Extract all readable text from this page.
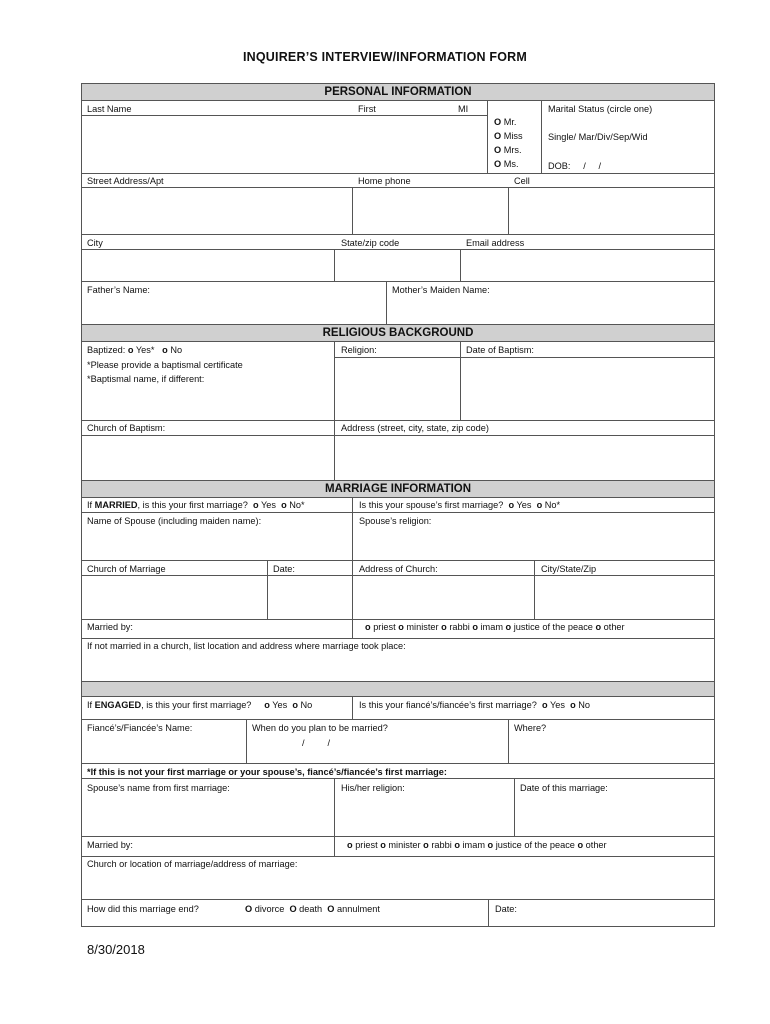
INQUIRER’S INTERVIEW/INFORMATION FORM
PERSONAL INFORMATION
Last Name	First	MI	Marital Status (circle one)
O Mr.
O Miss
O Mrs.
O Ms.
Single/ Mar/Div/Sep/Wid
DOB:     /     /
Street Address/Apt	Home phone	Cell
City	State/zip code	Email address
Father’s Name:	Mother’s Maiden Name:
RELIGIOUS BACKGROUND
Baptized: o Yes* o No	Religion:	Date of Baptism:
*Please provide a baptismal certificate
*Baptismal name, if different:
Church of Baptism:	Address (street, city, state, zip code)
MARRIAGE INFORMATION
If MARRIED, is this your first marriage? o Yes o No*	Is this your spouse’s first marriage? o Yes o No*
Name of Spouse (including maiden name):	Spouse’s religion:
Church of Marriage	Date:	Address of Church:	City/State/Zip
Married by:	o priest o minister o rabbi o imam o justice of the peace o other
If not married in a church, list location and address where marriage took place:
If ENGAGED, is this your first marriage? o Yes o No	Is this your fiancé’s/fiancée’s first marriage? o Yes o No
Fiancé’s/Fiancée’s Name:	When do you plan to be married?
/         /
Where?
*If this is not your first marriage or your spouse’s, fiancé’s/fiancée’s first marriage:
Spouse’s name from first marriage:	His/her religion:	Date of this marriage:
Married by:	o priest o minister o rabbi o imam o justice of the peace o other
Church or location of marriage/address of marriage:
How did this marriage end?	O divorce O death O annulment	Date:
8/30/2018
